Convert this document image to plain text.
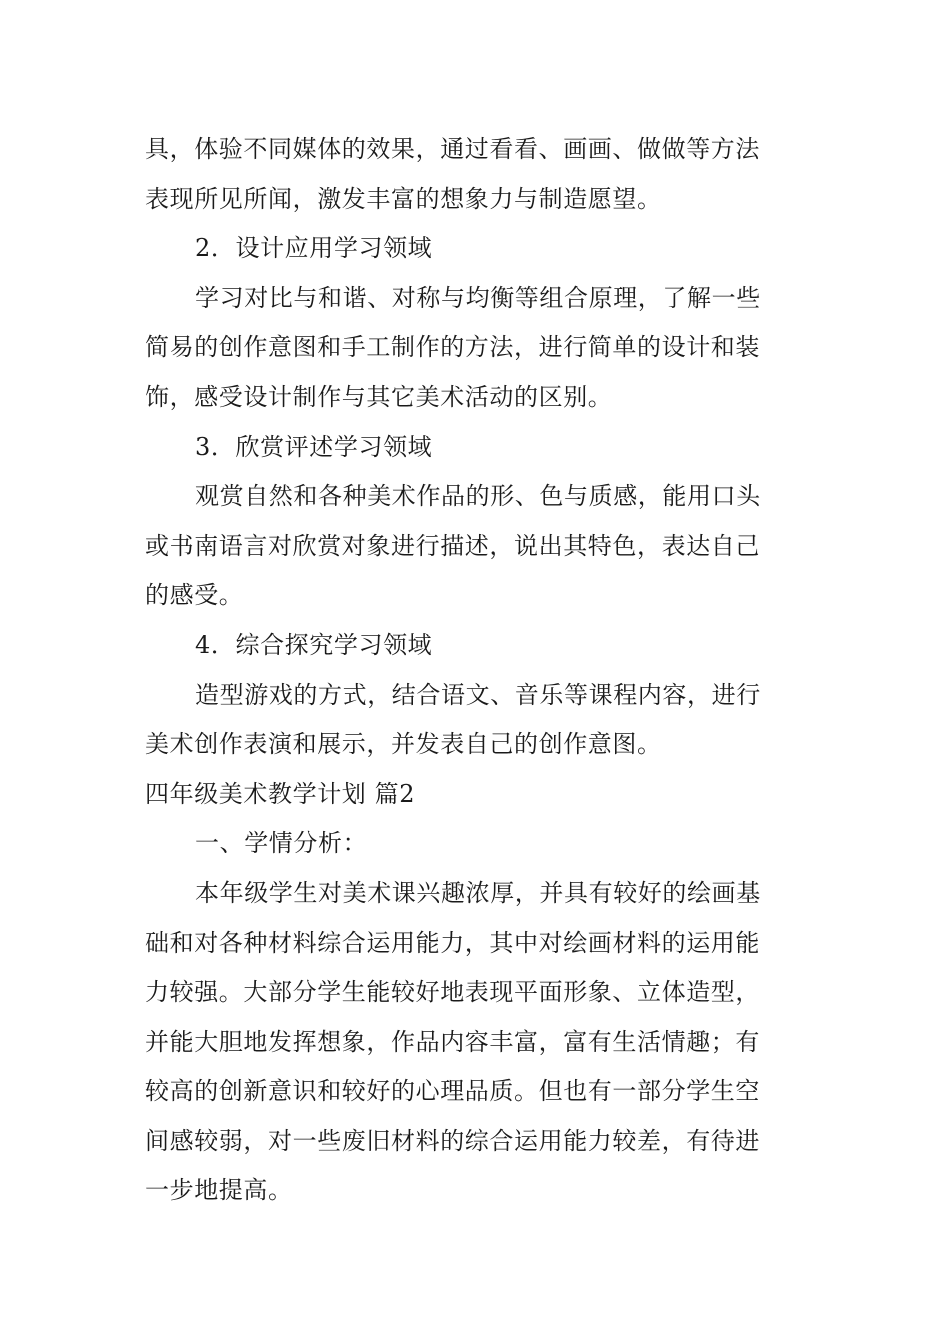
具，体验不同媒体的效果，通过看看、画画、做做等方法
表现所见所闻，激发丰富的想象力与制造愿望。
2．设计应用学习领域
学习对比与和谐、对称与均衡等组合原理，了解一些
简易的创作意图和手工制作的方法，进行简单的设计和装
饰，感受设计制作与其它美术活动的区别。
3．欣赏评述学习领域
观赏自然和各种美术作品的形、色与质感，能用口头
或书南语言对欣赏对象进行描述，说出其特色，表达自己
的感受。
4．综合探究学习领域
造型游戏的方式，结合语文、音乐等课程内容，进行
美术创作表演和展示，并发表自己的创作意图。
四年级美术教学计划 篇2
一、学情分析：
本年级学生对美术课兴趣浓厚，并具有较好的绘画基
础和对各种材料综合运用能力，其中对绘画材料的运用能
力较强。大部分学生能较好地表现平面形象、立体造型，
并能大胆地发挥想象，作品内容丰富，富有生活情趣；有
较高的创新意识和较好的心理品质。但也有一部分学生空
间感较弱，对一些废旧材料的综合运用能力较差，有待进
一步地提高。
